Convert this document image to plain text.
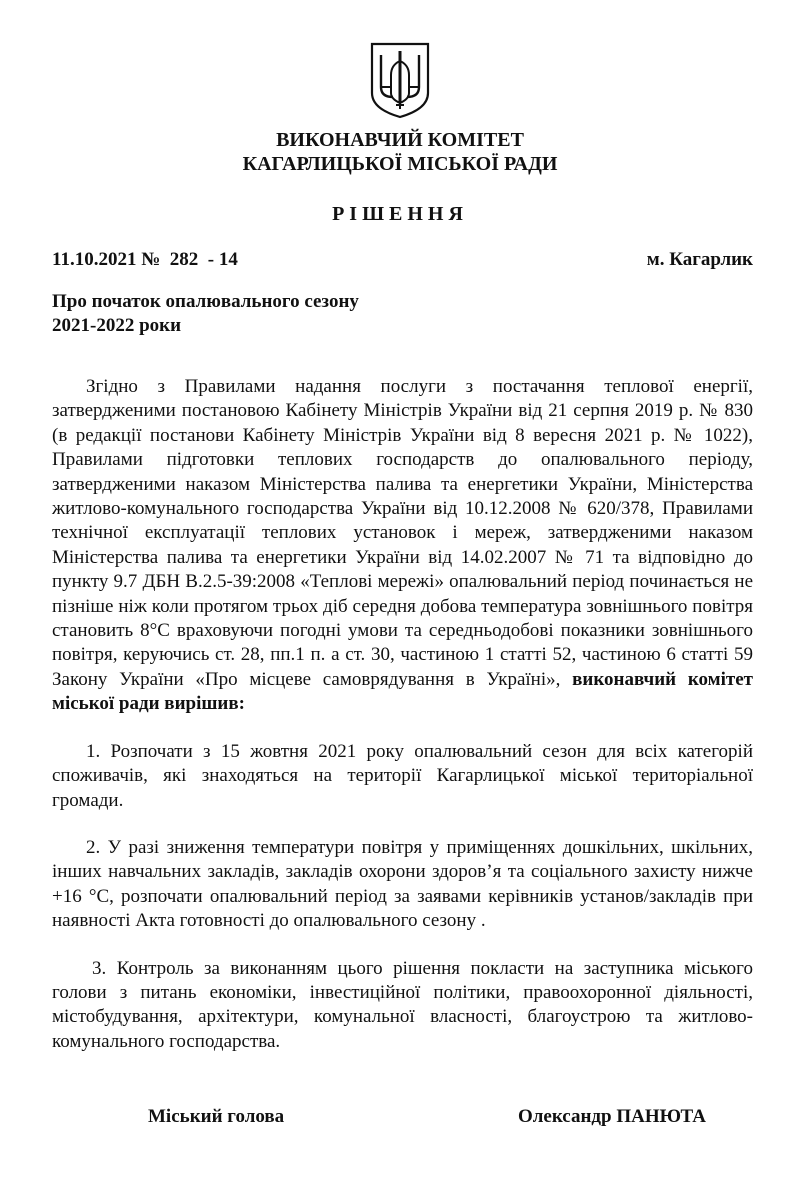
ВИКОНАВЧИЙ КОМІТЕТ
КАГАРЛИЦЬКОЇ МІСЬКОЇ РАДИ
РІШЕННЯ
11.10.2021 №  282  - 14	м. Кагарлик
Про початок опалювального сезону
2021-2022 роки

Згідно з Правилами надання послуги з постачання теплової енергії, затвердженими постановою Кабінету Міністрів України від 21 серпня 2019 р. № 830 (в редакції постанови Кабінету Міністрів України від 8 вересня 2021 р. № 1022), Правилами підготовки теплових господарств до опалювального періоду, затвердженими наказом Міністерства палива та енергетики України, Міністерства житлово-комунального господарства України від 10.12.2008 № 620/378, Правилами технічної експлуатації теплових установок і мереж, затвердженими наказом Міністерства палива та енергетики України від 14.02.2007 № 71 та відповідно до пункту 9.7 ДБН В.2.5-39:2008 «Теплові мережі» опалювальний період починається не пізніше ніж коли протягом трьох діб середня добова температура зовнішнього повітря становить 8°С враховуючи погодні умови та середньодобові показники зовнішнього повітря, керуючись ст. 28, пп.1 п. а ст. 30, частиною 1 статті 52, частиною 6 статті 59 Закону України «Про місцеве самоврядування в Україні», виконавчий комітет міської ради вирішив:

1. Розпочати з 15 жовтня 2021 року опалювальний сезон для всіх категорій споживачів, які знаходяться на території Кагарлицької міської територіальної громади.

2. У разі зниження температури повітря у приміщеннях дошкільних, шкільних, інших навчальних закладів, закладів охорони здоров’я та соціального захисту нижче +16 °С, розпочати опалювальний період за заявами керівників установ/закладів при наявності Акта готовності до опалювального сезону .

3. Контроль за виконанням цього рішення покласти на заступника міського голови з питань економіки, інвестиційної політики, правоохоронної діяльності, містобудування, архітектури, комунальної власності, благоустрою та житлово-комунального господарства.

Міський голова	Олександр ПАНЮТА
